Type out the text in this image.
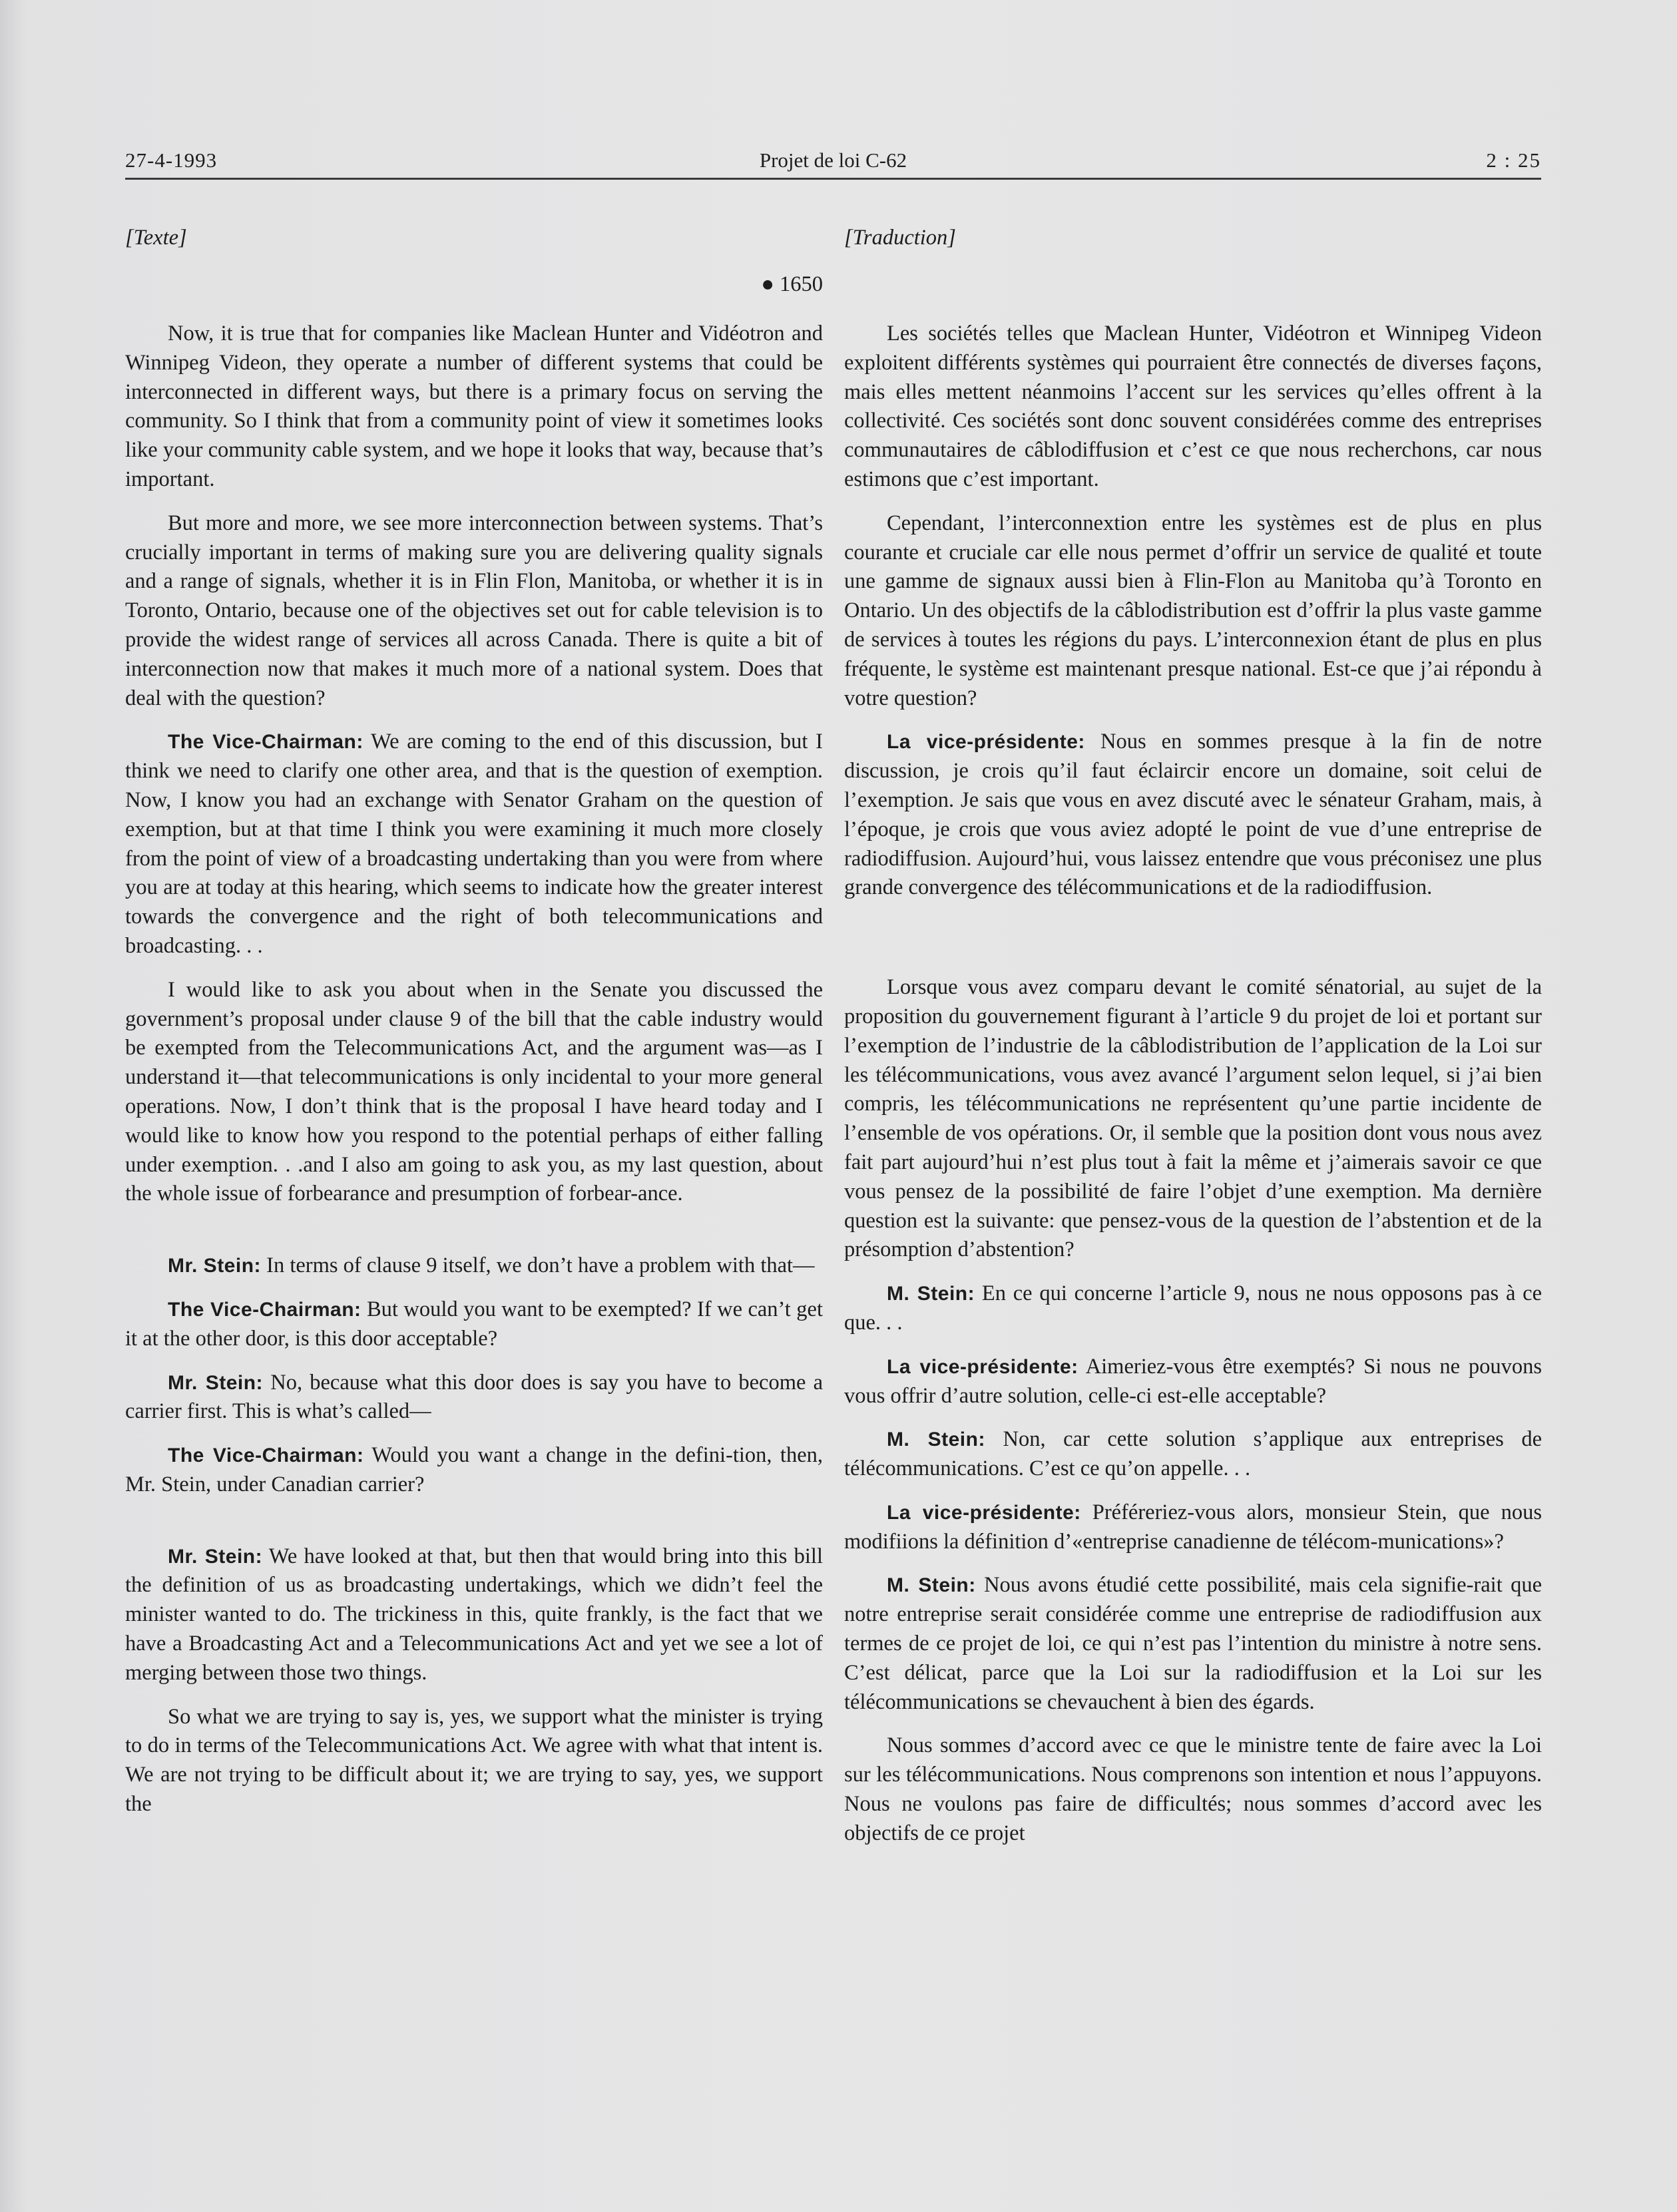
27-4-1993	Projet de loi C-62	2 : 25
[Texte]
● 1650

Now, it is true that for companies like Maclean Hunter and Vidéotron and Winnipeg Videon, they operate a number of different systems that could be interconnected in different ways, but there is a primary focus on serving the community. So I think that from a community point of view it sometimes looks like your community cable system, and we hope it looks that way, because that’s important.

But more and more, we see more interconnection between systems. That’s crucially important in terms of making sure you are delivering quality signals and a range of signals, whether it is in Flin Flon, Manitoba, or whether it is in Toronto, Ontario, because one of the objectives set out for cable television is to provide the widest range of services all across Canada. There is quite a bit of interconnection now that makes it much more of a national system. Does that deal with the question?

The Vice-Chairman: We are coming to the end of this discussion, but I think we need to clarify one other area, and that is the question of exemption. Now, I know you had an exchange with Senator Graham on the question of exemption, but at that time I think you were examining it much more closely from the point of view of a broadcasting undertaking than you were from where you are at today at this hearing, which seems to indicate how the greater interest towards the convergence and the right of both telecommunications and broadcasting. . .

I would like to ask you about when in the Senate you discussed the government’s proposal under clause 9 of the bill that the cable industry would be exempted from the Telecommunications Act, and the argument was—as I understand it—that telecommunications is only incidental to your more general operations. Now, I don’t think that is the proposal I have heard today and I would like to know how you respond to the potential perhaps of either falling under exemption. . .and I also am going to ask you, as my last question, about the whole issue of forbearance and presumption of forbear-ance.

Mr. Stein: In terms of clause 9 itself, we don’t have a problem with that—

The Vice-Chairman: But would you want to be exempted? If we can’t get it at the other door, is this door acceptable?

Mr. Stein: No, because what this door does is say you have to become a carrier first. This is what’s called—

The Vice-Chairman: Would you want a change in the defini-tion, then, Mr. Stein, under Canadian carrier?

Mr. Stein: We have looked at that, but then that would bring into this bill the definition of us as broadcasting undertakings, which we didn’t feel the minister wanted to do. The trickiness in this, quite frankly, is the fact that we have a Broadcasting Act and a Telecommunications Act and yet we see a lot of merging between those two things.

So what we are trying to say is, yes, we support what the minister is trying to do in terms of the Telecommunications Act. We agree with what that intent is. We are not trying to be difficult about it; we are trying to say, yes, we support the

[Traduction]

Les sociétés telles que Maclean Hunter, Vidéotron et Winnipeg Videon exploitent différents systèmes qui pourraient être connectés de diverses façons, mais elles mettent néanmoins l’accent sur les services qu’elles offrent à la collectivité. Ces sociétés sont donc souvent considérées comme des entreprises communautaires de câblodiffusion et c’est ce que nous recherchons, car nous estimons que c’est important.

Cependant, l’interconnextion entre les systèmes est de plus en plus courante et cruciale car elle nous permet d’offrir un service de qualité et toute une gamme de signaux aussi bien à Flin-Flon au Manitoba qu’à Toronto en Ontario. Un des objectifs de la câblodistribution est d’offrir la plus vaste gamme de services à toutes les régions du pays. L’interconnexion étant de plus en plus fréquente, le système est maintenant presque national. Est-ce que j’ai répondu à votre question?

La vice-présidente: Nous en sommes presque à la fin de notre discussion, je crois qu’il faut éclaircir encore un domaine, soit celui de l’exemption. Je sais que vous en avez discuté avec le sénateur Graham, mais, à l’époque, je crois que vous aviez adopté le point de vue d’une entreprise de radiodiffusion. Aujourd’hui, vous laissez entendre que vous préconisez une plus grande convergence des télécommunications et de la radiodiffusion.

Lorsque vous avez comparu devant le comité sénatorial, au sujet de la proposition du gouvernement figurant à l’article 9 du projet de loi et portant sur l’exemption de l’industrie de la câblodistribution de l’application de la Loi sur les télécommunications, vous avez avancé l’argument selon lequel, si j’ai bien compris, les télécommunications ne représentent qu’une partie incidente de l’ensemble de vos opérations. Or, il semble que la position dont vous nous avez fait part aujourd’hui n’est plus tout à fait la même et j’aimerais savoir ce que vous pensez de la possibilité de faire l’objet d’une exemption. Ma dernière question est la suivante: que pensez-vous de la question de l’abstention et de la présomption d’abstention?

M. Stein: En ce qui concerne l’article 9, nous ne nous opposons pas à ce que. . .

La vice-présidente: Aimeriez-vous être exemptés? Si nous ne pouvons vous offrir d’autre solution, celle-ci est-elle acceptable?

M. Stein: Non, car cette solution s’applique aux entreprises de télécommunications. C’est ce qu’on appelle. . .

La vice-présidente: Préféreriez-vous alors, monsieur Stein, que nous modifiions la définition d’«entreprise canadienne de télécom-munications»?

M. Stein: Nous avons étudié cette possibilité, mais cela signifie-rait que notre entreprise serait considérée comme une entreprise de radiodiffusion aux termes de ce projet de loi, ce qui n’est pas l’intention du ministre à notre sens. C’est délicat, parce que la Loi sur la radiodiffusion et la Loi sur les télécommunications se chevauchent à bien des égards.

Nous sommes d’accord avec ce que le ministre tente de faire avec la Loi sur les télécommunications. Nous comprenons son intention et nous l’appuyons. Nous ne voulons pas faire de difficultés; nous sommes d’accord avec les objectifs de ce projet
